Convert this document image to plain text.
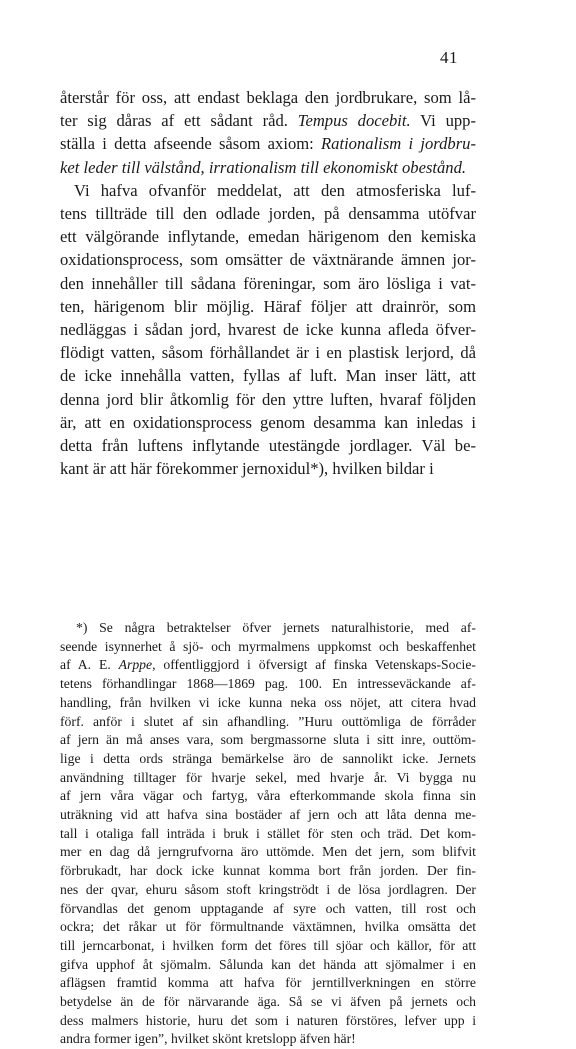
41
återstår för oss, att endast beklaga den jordbrukare, som lå-
ter sig dåras af ett sådant råd. Tempus docebit. Vi upp-
ställa i detta afseende såsom axiom: Rationalism i jordbru-
ket leder till välstånd, irrationalism till ekonomiskt obestånd.
Vi hafva ofvanför meddelat, att den atmosferiska luf-
tens tillträde till den odlade jorden, på densamma utöfvar
ett välgörande inflytande, emedan härigenom den kemiska
oxidationsprocess, som omsätter de växtnärande ämnen jor-
den innehåller till sådana föreningar, som äro lösliga i vat-
ten, härigenom blir möjlig. Häraf följer att drainrör, som
nedläggas i sådan jord, hvarest de icke kunna afleda öfver-
flödigt vatten, såsom förhållandet är i en plastisk lerjord, då
de icke innehålla vatten, fyllas af luft. Man inser lätt, att
denna jord blir åtkomlig för den yttre luften, hvaraf följden
är, att en oxidationsprocess genom desamma kan inledas i
detta från luftens inflytande utestängde jordlager. Väl be-
kant är att här förekommer jernoxidul*), hvilken bildar i
*) Se några betraktelser öfver jernets naturalhistorie, med af-
seende isynnerhet å sjö- och myrmalmens uppkomst och beskaffenhet
af A. E. Arppe, offentliggjord i öfversigt af finska Vetenskaps-Socie-
tetens förhandlingar 1868—1869 pag. 100. En intresseväckande af-
handling, från hvilken vi icke kunna neka oss nöjet, att citera hvad
förf. anför i slutet af sin afhandling. ”Huru outtömliga de förråder
af jern än må anses vara, som bergmassorne sluta i sitt inre, outtöm-
lige i detta ords stränga bemärkelse äro de sannolikt icke. Jernets
användning tilltager för hvarje sekel, med hvarje år. Vi bygga nu
af jern våra vägar och fartyg, våra efterkommande skola finna sin
uträkning vid att hafva sina bostäder af jern och att låta denna me-
tall i otaliga fall inträda i bruk i stället för sten och träd. Det kom-
mer en dag då jerngrufvorna äro uttömde. Men det jern, som blifvit
förbrukadt, har dock icke kunnat komma bort från jorden. Der fin-
nes der qvar, ehuru såsom stoft kringströdt i de lösa jordlagren. Der
förvandlas det genom upptagande af syre och vatten, till rost och
ockra; det råkar ut för förmultnande växtämnen, hvilka omsätta det
till jerncarbonat, i hvilken form det föres till sjöar och källor, för att
gifva upphof åt sjömalm. Sålunda kan det hända att sjömalmer i en
aflägsen framtid komma att hafva för jerntillverkningen en större
betydelse än de för närvarande äga. Så se vi äfven på jernets och
dess malmers historie, huru det som i naturen förstöres, lefver upp i
andra former igen”, hvilket skönt kretslopp äfven här!
